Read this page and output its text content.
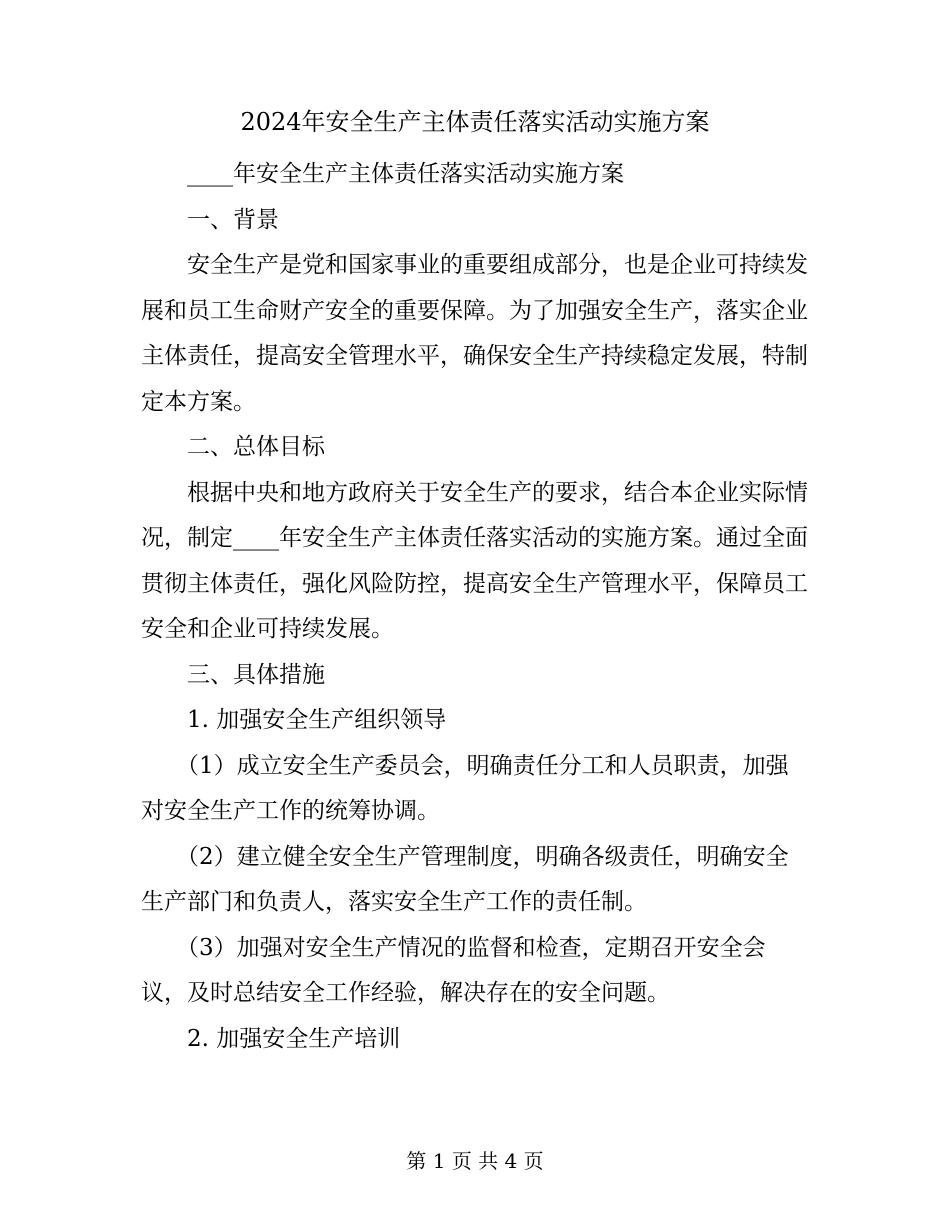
2024年安全生产主体责任落实活动实施方案

____年安全生产主体责任落实活动实施方案

一、背景

安全生产是党和国家事业的重要组成部分，也是企业可持续发展和员工生命财产安全的重要保障。为了加强安全生产，落实企业主体责任，提高安全管理水平，确保安全生产持续稳定发展，特制定本方案。

二、总体目标

根据中央和地方政府关于安全生产的要求，结合本企业实际情况，制定____年安全生产主体责任落实活动的实施方案。通过全面贯彻主体责任，强化风险防控，提高安全生产管理水平，保障员工安全和企业可持续发展。

三、具体措施

1. 加强安全生产组织领导

（1）成立安全生产委员会，明确责任分工和人员职责，加强对安全生产工作的统筹协调。

（2）建立健全安全生产管理制度，明确各级责任，明确安全生产部门和负责人，落实安全生产工作的责任制。

（3）加强对安全生产情况的监督和检查，定期召开安全会议，及时总结安全工作经验，解决存在的安全问题。

2. 加强安全生产培训

第 1 页 共 4 页
